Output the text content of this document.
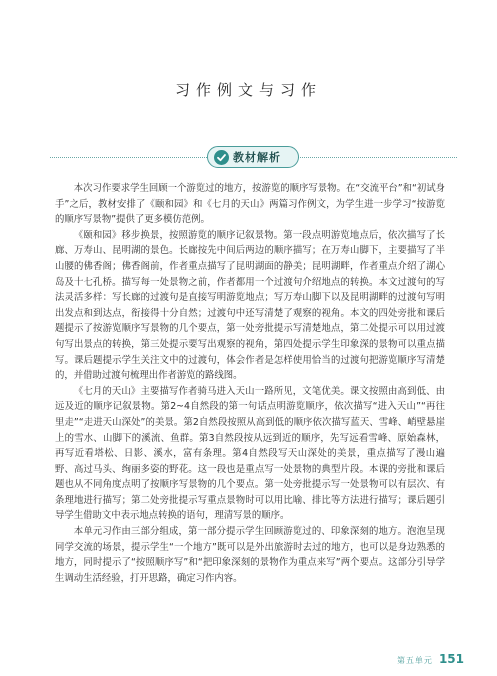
习作例文与习作
教材解析

本次习作要求学生回顾一个游览过的地方，按游览的顺序写景物。在“交流平台”和“初试身手”之后，教材安排了《颐和园》和《七月的天山》两篇习作例文，为学生进一步学习“按游览的顺序写景物”提供了更多模仿范例。

《颐和园》移步换景，按照游览的顺序记叙景物。第一段点明游览地点后，依次描写了长廊、万寿山、昆明湖的景色。长廊按先中间后两边的顺序描写；在万寿山脚下，主要描写了半山腰的佛香阁；佛香阁前，作者重点描写了昆明湖面的静美；昆明湖畔，作者重点介绍了湖心岛及十七孔桥。描写每一处景物之前，作者都用一个过渡句介绍地点的转换。本文过渡句的写法灵活多样：写长廊的过渡句是直接写明游览地点；写万寿山脚下以及昆明湖畔的过渡句写明出发点和到达点，衔接得十分自然；过渡句中还写清楚了观察的视角。本文的四处旁批和课后题提示了按游览顺序写景物的几个要点，第一处旁批提示写清楚地点，第二处提示可以用过渡句写出景点的转换，第三处提示要写出观察的视角，第四处提示学生印象深的景物可以重点描写。课后题提示学生关注文中的过渡句，体会作者是怎样使用恰当的过渡句把游览顺序写清楚的，并借助过渡句梳理出作者游览的路线图。

《七月的天山》主要描写作者骑马进入天山一路所见，文笔优美。课文按照由高到低、由远及近的顺序记叙景物。第2~4自然段的第一句话点明游览顺序，依次描写“进入天山”“再往里走”“走进天山深处”的美景。第2自然段按照从高到低的顺序依次描写蓝天、雪峰、峭壁悬崖上的雪水、山脚下的溪流、鱼群。第3自然段按从远到近的顺序，先写远看雪峰、原始森林，再写近看塔松、日影、溪水，富有条理。第4自然段写天山深处的美景，重点描写了漫山遍野、高过马头、绚丽多姿的野花。这一段也是重点写一处景物的典型片段。本课的旁批和课后题也从不同角度点明了按顺序写景物的几个要点。第一处旁批提示写一处景物可以有层次、有条理地进行描写；第二处旁批提示写重点景物时可以用比喻、排比等方法进行描写；课后题引导学生借助文中表示地点转换的语句，理清写景的顺序。

本单元习作由三部分组成，第一部分提示学生回顾游览过的、印象深刻的地方。泡泡呈现同学交流的场景，提示学生“一个地方”既可以是外出旅游时去过的地方，也可以是身边熟悉的地方，同时提示了“按照顺序写”和“把印象深刻的景物作为重点来写”两个要点。这部分引导学生调动生活经验，打开思路，确定习作内容。

第五单元 151
